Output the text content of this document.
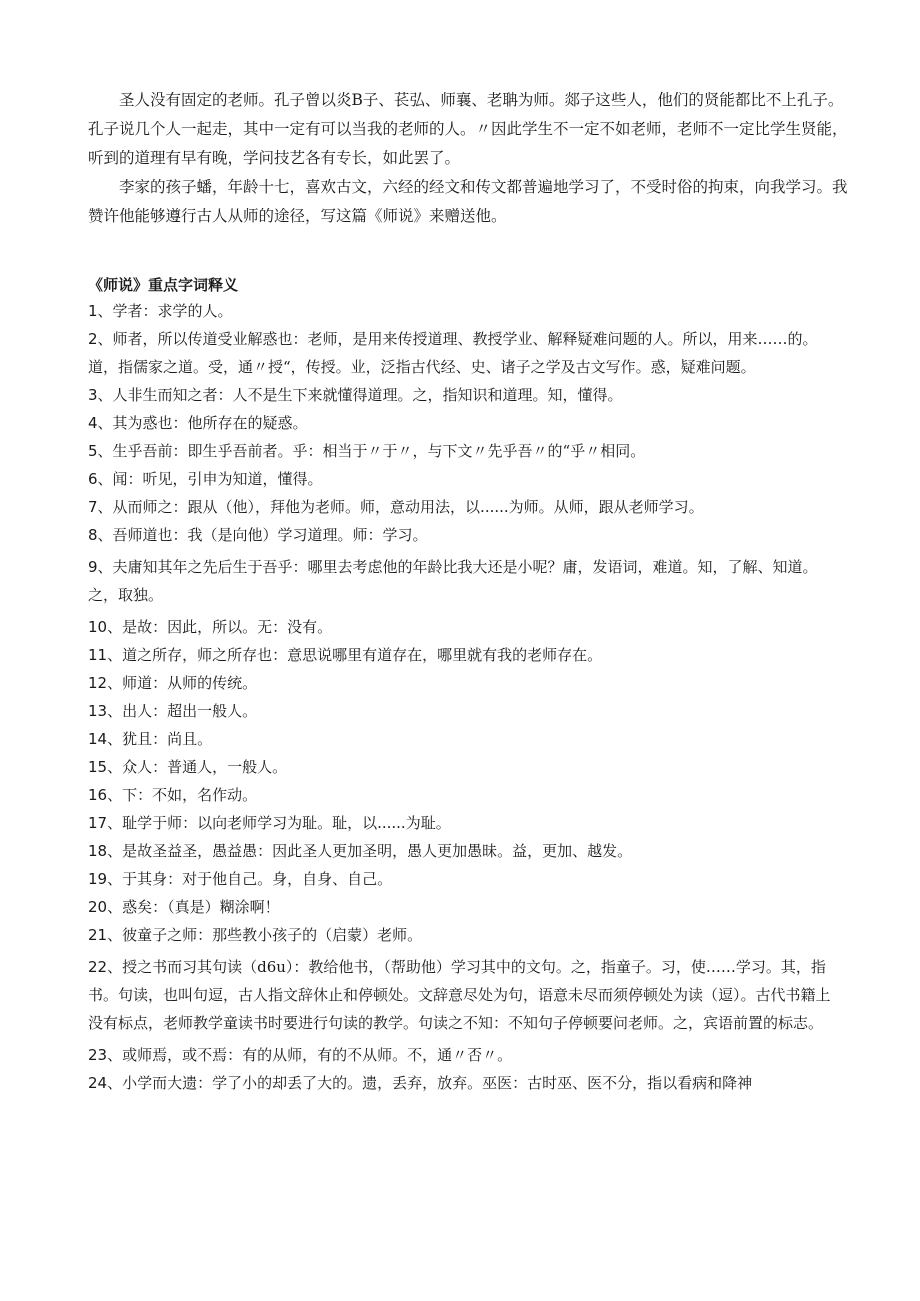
圣人没有固定的老师。孔子曾以炎B子、苌弘、师襄、老聃为师。郯子这些人，他们的贤能都比不上孔子。孔子说几个人一起走，其中一定有可以当我的老师的人。〃因此学生不一定不如老师，老师不一定比学生贤能，听到的道理有早有晚，学问技艺各有专长，如此罢了。

李家的孩子蟠，年龄十七，喜欢古文，六经的经文和传文都普遍地学习了，不受时俗的拘束，向我学习。我赞许他能够遵行古人从师的途径，写这篇《师说》来赠送他。

《师说》重点字词释义

1、学者：求学的人。

2、师者，所以传道受业解惑也：老师，是用来传授道理、教授学业、解释疑难问题的人。所以，用来……的。道，指儒家之道。受，通〃授“，传授。业，泛指古代经、史、诸子之学及古文写作。惑，疑难问题。

3、人非生而知之者：人不是生下来就懂得道理。之，指知识和道理。知，懂得。

4、其为惑也：他所存在的疑惑。

5、生乎吾前：即生乎吾前者。乎：相当于〃于〃，与下文〃先乎吾〃的“乎〃相同。

6、闻：听见，引申为知道，懂得。

7、从而师之：跟从（他），拜他为老师。师，意动用法，以......为师。从师，跟从老师学习。

8、吾师道也：我（是向他）学习道理。师：学习。

9、夫庸知其年之先后生于吾乎：哪里去考虑他的年龄比我大还是小呢？庸，发语词，难道。知，了解、知道。之，取独。

10、是故：因此，所以。无：没有。

11、道之所存，师之所存也：意思说哪里有道存在，哪里就有我的老师存在。

12、师道：从师的传统。

13、出人：超出一般人。

14、犹且：尚且。

15、众人：普通人，一般人。

16、下：不如，名作动。

17、耻学于师：以向老师学习为耻。耻，以......为耻。

18、是故圣益圣，愚益愚：因此圣人更加圣明，愚人更加愚昧。益，更加、越发。

19、于其身：对于他自己。身，自身、自己。

20、惑矣：（真是）糊涂啊！

21、彼童子之师：那些教小孩子的（启蒙）老师。

22、授之书而习其句读（d6u）：教给他书，（帮助他）学习其中的文句。之，指童子。习，使……学习。其，指书。句读，也叫句逗，古人指文辞休止和停顿处。文辞意尽处为句，语意未尽而须停顿处为读（逗）。古代书籍上没有标点，老师教学童读书时要进行句读的教学。句读之不知：不知句子停顿要问老师。之，宾语前置的标志。

23、或师焉，或不焉：有的从师，有的不从师。不，通〃否〃。

24、小学而大遗：学了小的却丢了大的。遗，丢弃，放弃。巫医：古时巫、医不分，指以看病和降神
